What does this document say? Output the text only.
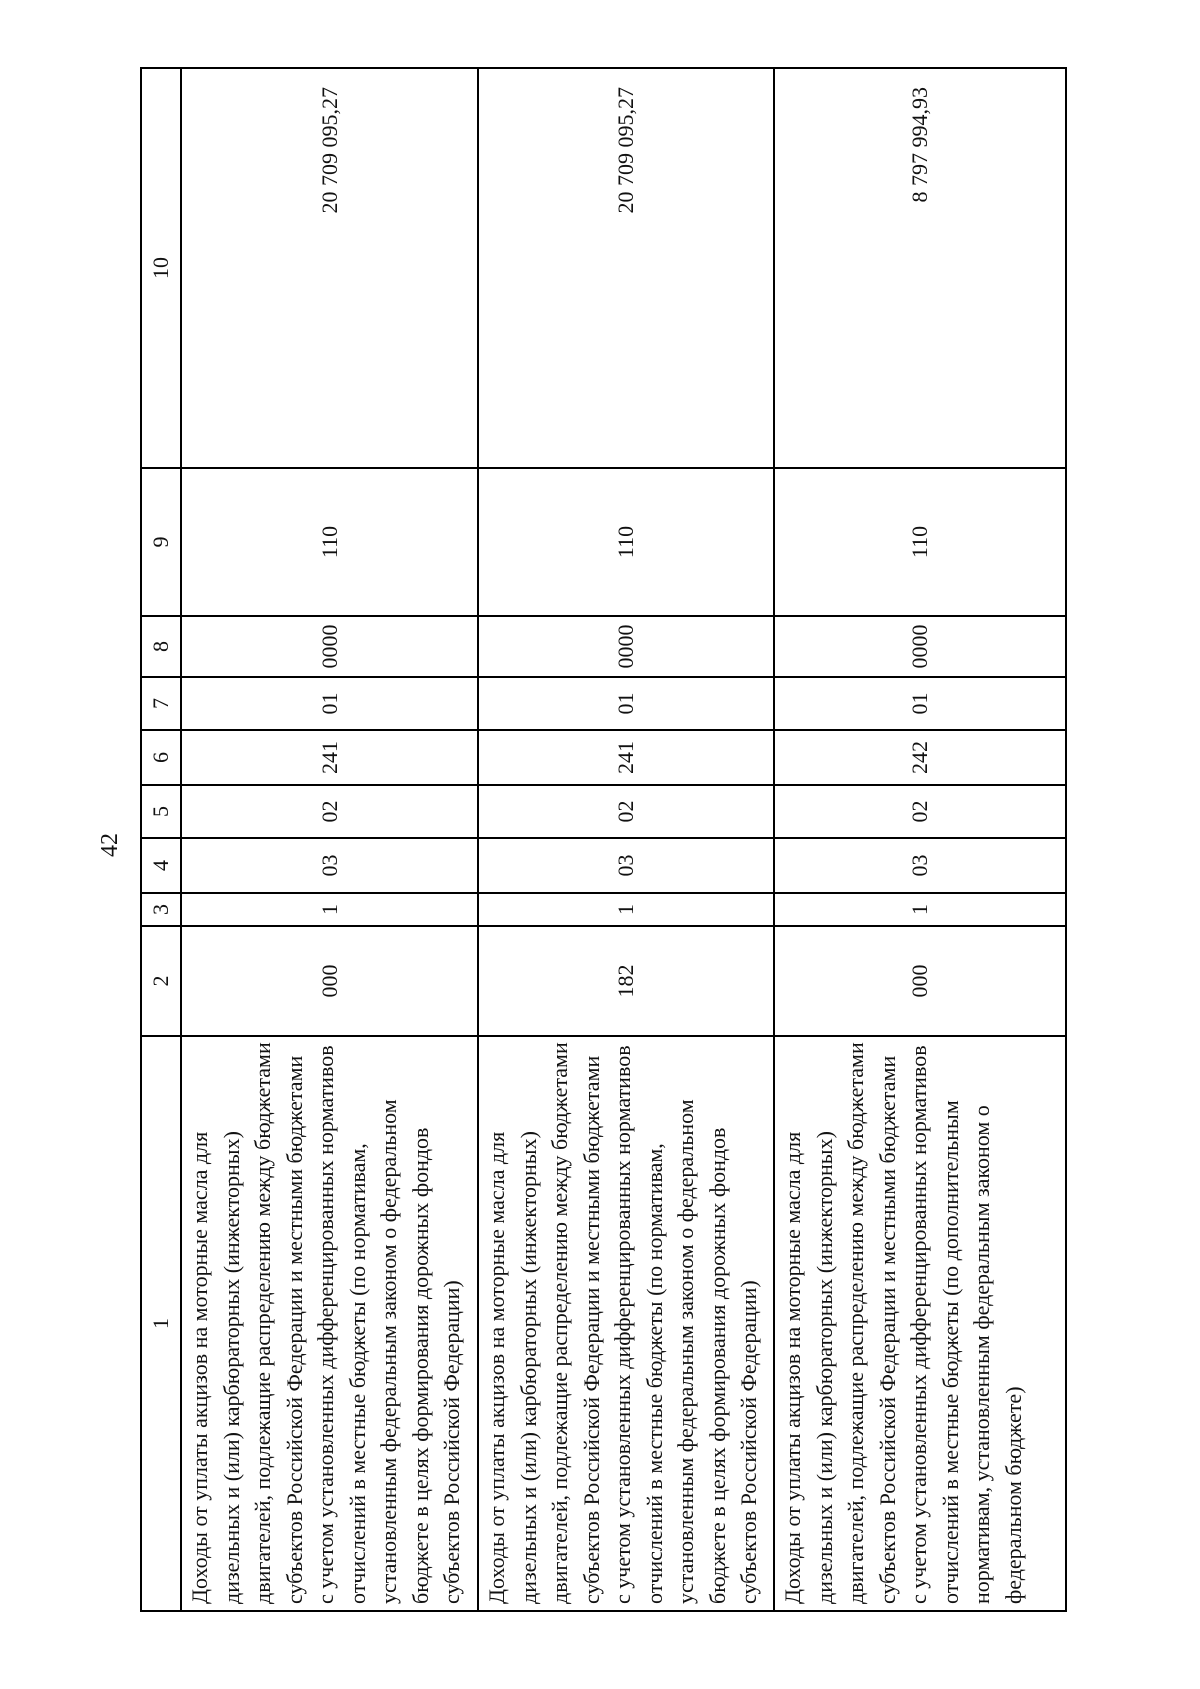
42
1	2	3	4	5	6	7	8	9	10
Доходы от уплаты акцизов на моторные масла для дизельных и (или) карбюраторных (инжекторных) двигателей, подлежащие распределению между бюджетами субъектов Российской Федерации и местными бюджетами с учетом установленных дифференцированных нормативов отчислений в местные бюджеты (по нормативам, установленным федеральным законом о федеральном бюджете в целях формирования дорожных фондов субъектов Российской Федерации)	000	1	03	02	241	01	0000	110	20 709 095,27
Доходы от уплаты акцизов на моторные масла для дизельных и (или) карбюраторных (инжекторных) двигателей, подлежащие распределению между бюджетами субъектов Российской Федерации и местными бюджетами с учетом установленных дифференцированных нормативов отчислений в местные бюджеты (по нормативам, установленным федеральным законом о федеральном бюджете в целях формирования дорожных фондов субъектов Российской Федерации)	182	1	03	02	241	01	0000	110	20 709 095,27
Доходы от уплаты акцизов на моторные масла для дизельных и (или) карбюраторных (инжекторных) двигателей, подлежащие распределению между бюджетами субъектов Российской Федерации и местными бюджетами с учетом установленных дифференцированных нормативов отчислений в местные бюджеты (по дополнительным нормативам, установленным федеральным законом о федеральном бюджете)	000	1	03	02	242	01	0000	110	8 797 994,93
